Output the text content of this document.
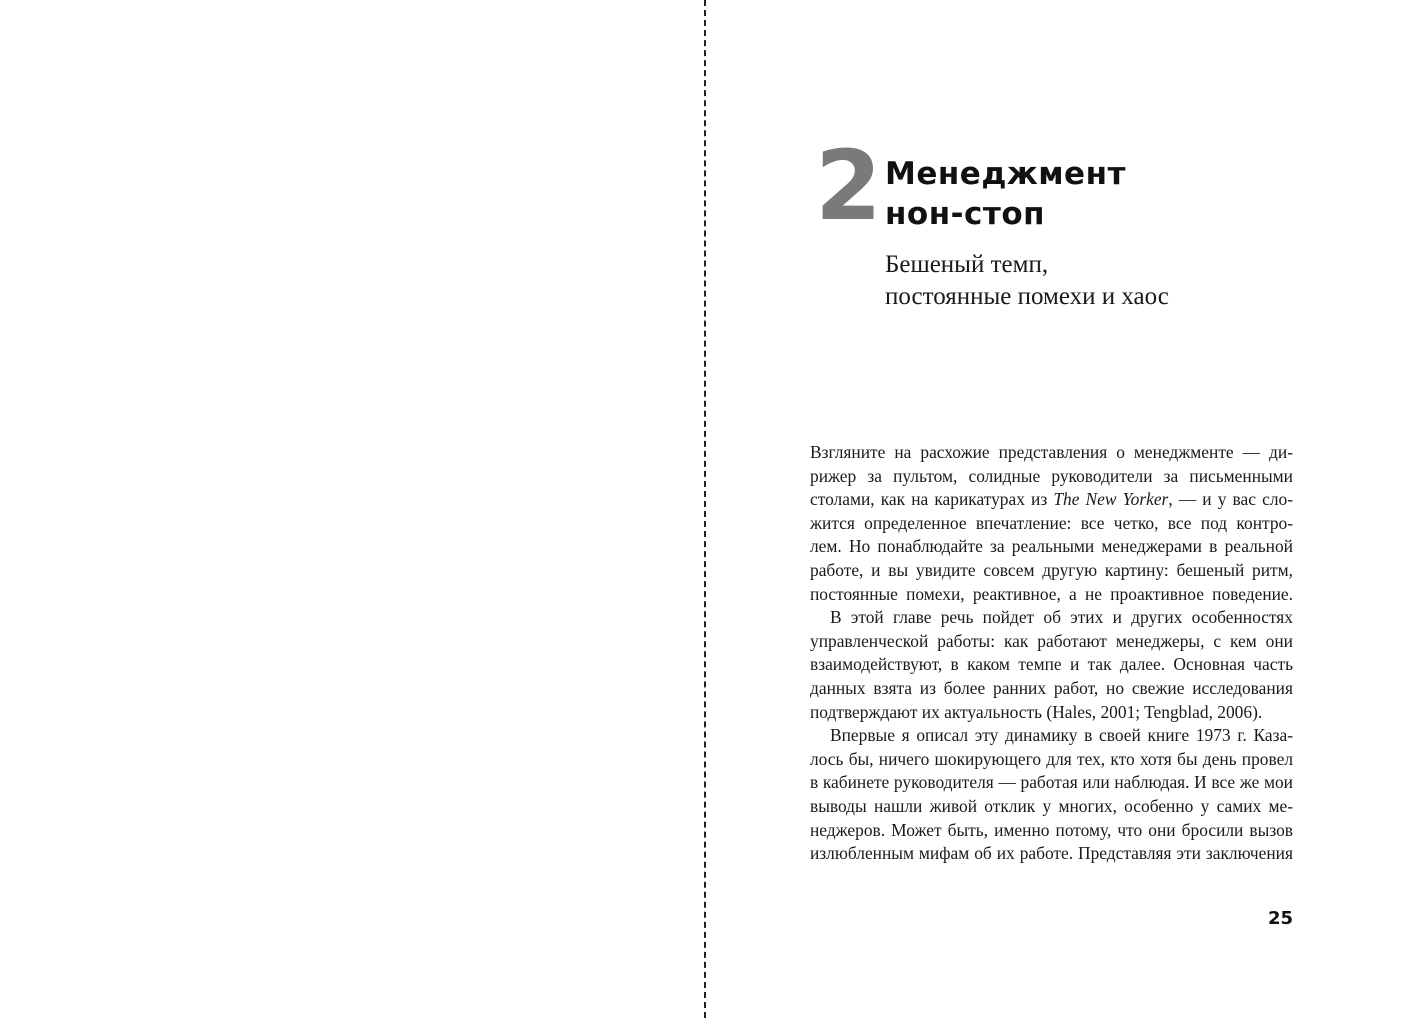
2 Менеджмент
нон-стоп
Бешеный темп,
постоянные помехи и хаос
Взгляните на расхожие представления о менеджменте — ди-
рижер за пультом, солидные руководители за письменными
столами, как на карикатурах из The New Yorker, — и у вас сло-
жится определенное впечатление: все четко, все под контро-
лем. Но понаблюдайте за реальными менеджерами в реальной
работе, и вы увидите совсем другую картину: бешеный ритм,
постоянные помехи, реактивное, а не проактивное поведение.
В этой главе речь пойдет об этих и других особенностях
управленческой работы: как работают менеджеры, с кем они
взаимодействуют, в каком темпе и так далее. Основная часть
данных взята из более ранних работ, но свежие исследования
подтверждают их актуальность (Hales, 2001; Tengblad, 2006).
Впервые я описал эту динамику в своей книге 1973 г. Каза-
лось бы, ничего шокирующего для тех, кто хотя бы день провел
в кабинете руководителя — работая или наблюдая. И все же мои
выводы нашли живой отклик у многих, особенно у самих ме-
неджеров. Может быть, именно потому, что они бросили вызов
излюбленным мифам об их работе. Представляя эти заключения
25
